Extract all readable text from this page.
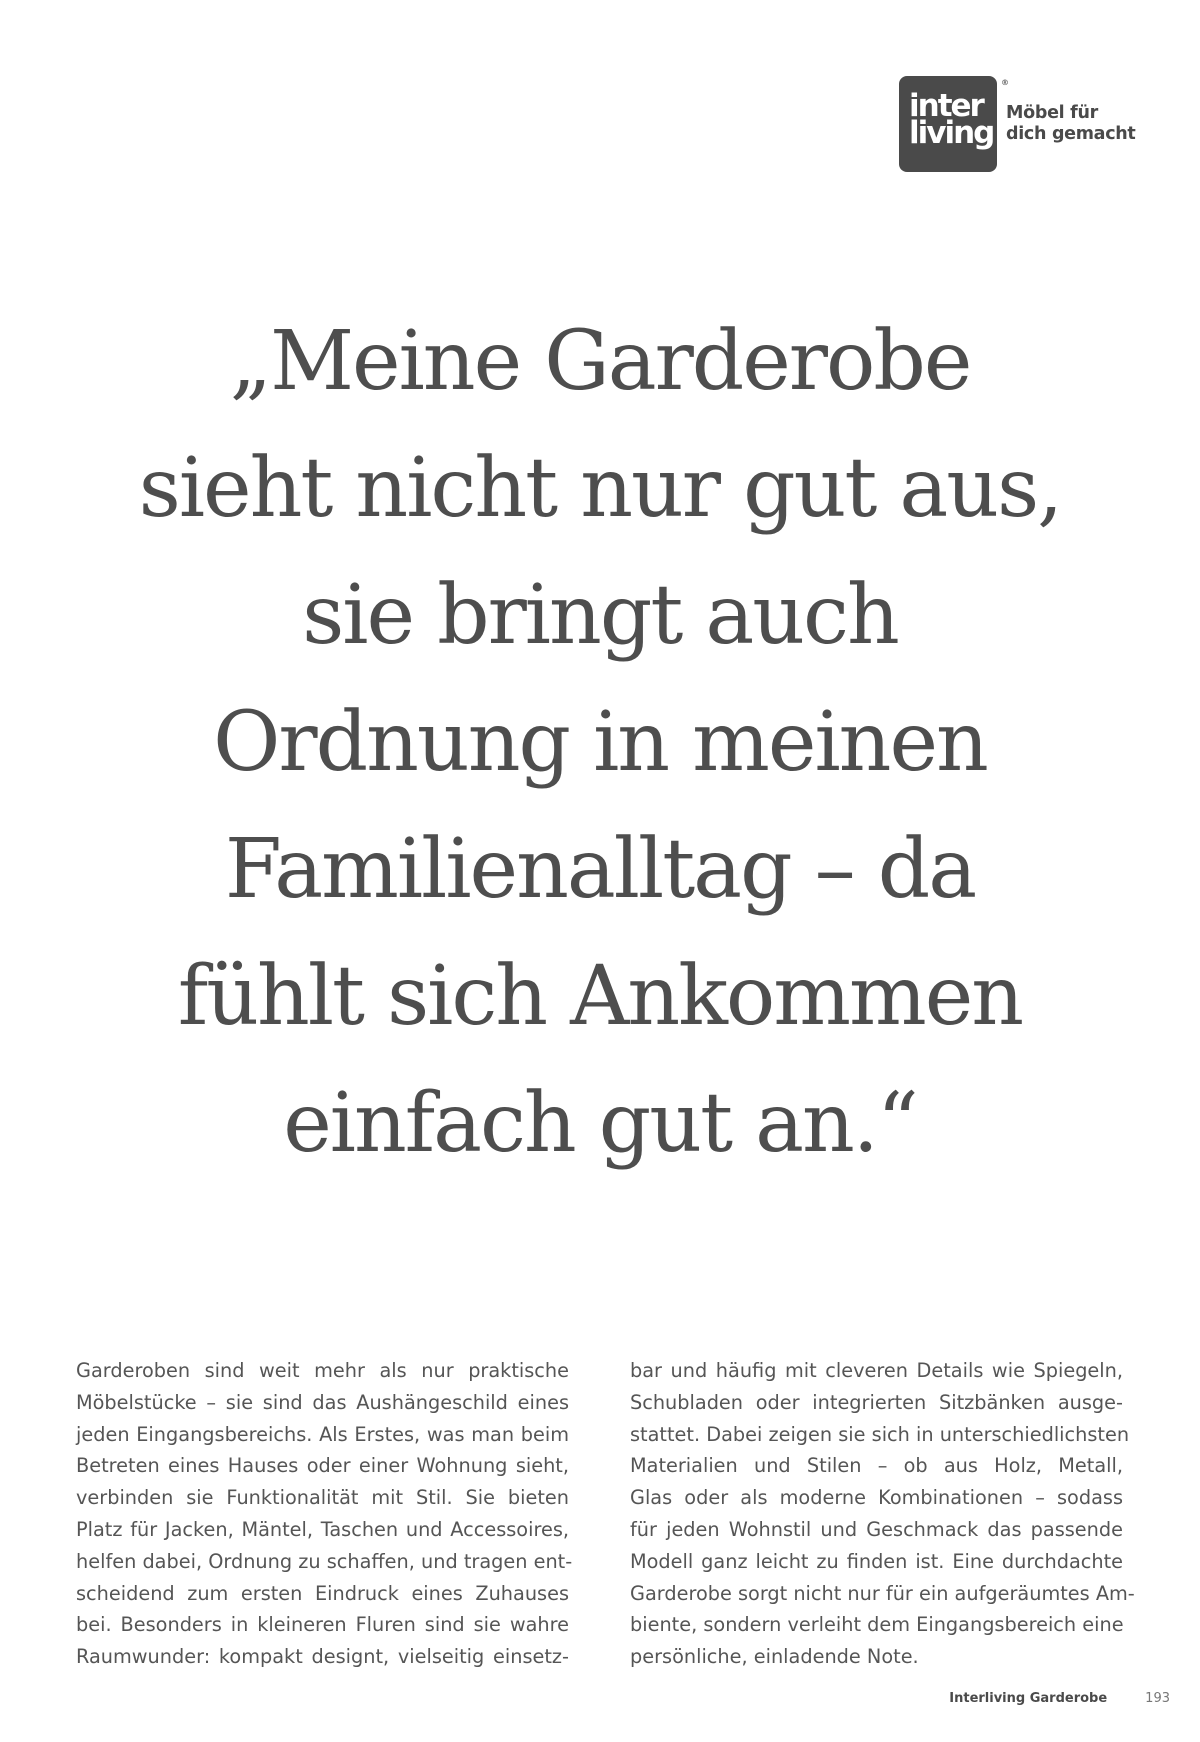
inter
living
®
Möbel für
dich gemacht
„Meine Garderobe
sieht nicht nur gut aus,
sie bringt auch
Ordnung in meinen
Familienalltag – da
fühlt sich Ankommen
einfach gut an.“
Garderoben sind weit mehr als nur praktische
Möbelstücke – sie sind das Aushängeschild eines
jeden Eingangsbereichs. Als Erstes, was man beim
Betreten eines Hauses oder einer Wohnung sieht,
verbinden sie Funktionalität mit Stil. Sie bieten
Platz für Jacken, Mäntel, Taschen und Accessoires,
helfen dabei, Ordnung zu schaffen, und tragen ent-
scheidend zum ersten Eindruck eines Zuhauses
bei. Besonders in kleineren Fluren sind sie wahre
Raumwunder: kompakt designt, vielseitig einsetz-
bar und häufig mit cleveren Details wie Spiegeln,
Schubladen oder integrierten Sitzbänken ausge-
stattet. Dabei zeigen sie sich in unterschiedlichsten
Materialien und Stilen – ob aus Holz, Metall,
Glas oder als moderne Kombinationen – sodass
für jeden Wohnstil und Geschmack das passende
Modell ganz leicht zu finden ist. Eine durchdachte
Garderobe sorgt nicht nur für ein aufgeräumtes Am-
biente, sondern verleiht dem Eingangsbereich eine
persönliche, einladende Note.
Interliving Garderobe	193
